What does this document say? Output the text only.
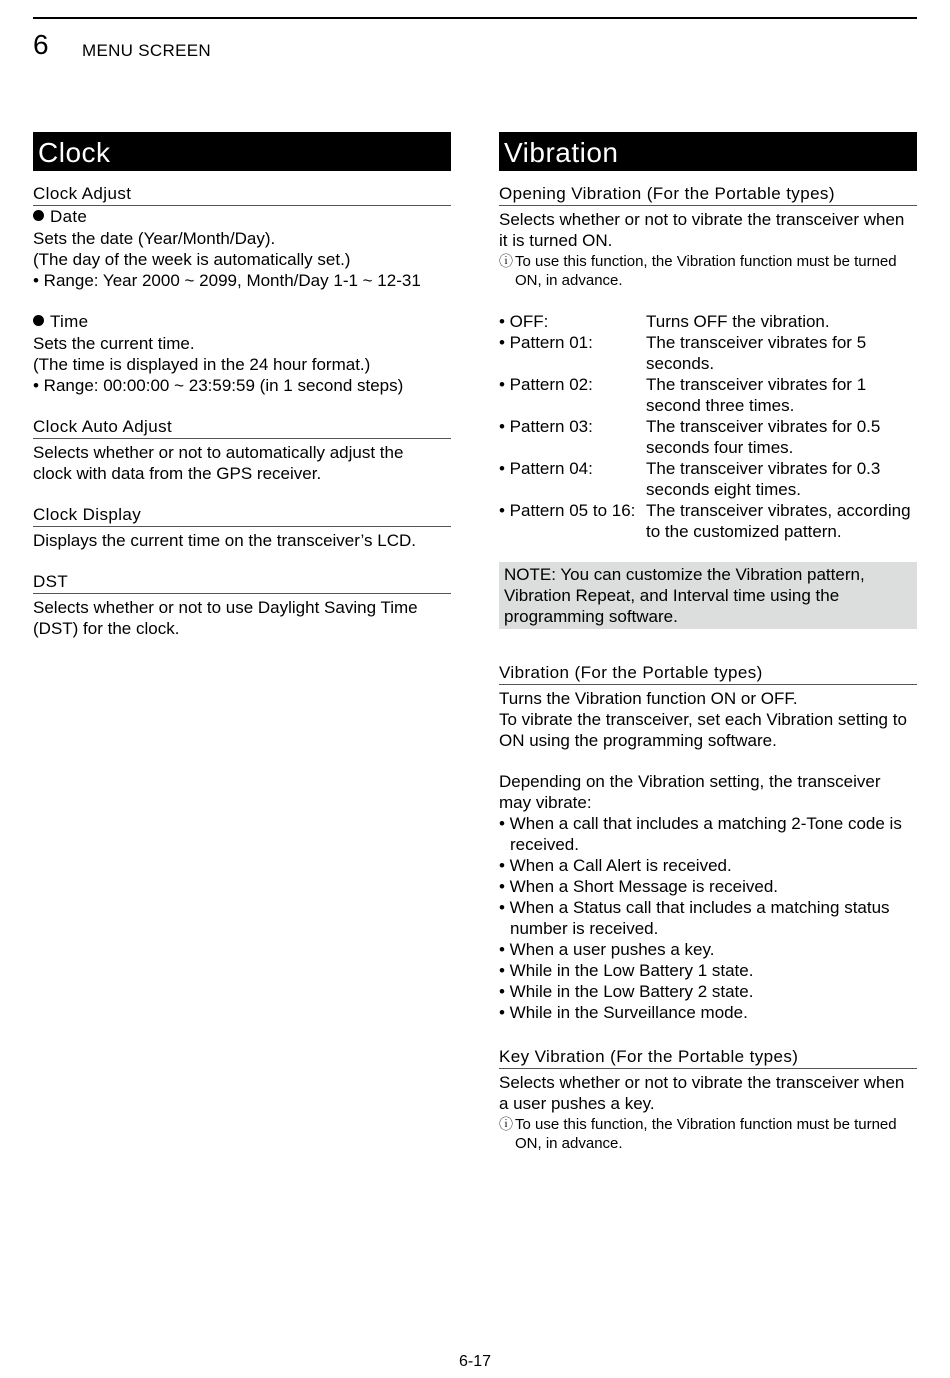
6 MENU SCREEN
Clock
Clock Adjust
Date

Sets the date (Year/Month/Day).

(The day of the week is automatically set.)

• Range: Year 2000 ~ 2099, Month/Day 1-1 ~ 12-31

Time

Sets the current time.

(The time is displayed in the 24 hour format.)

• Range: 00:00:00 ~ 23:59:59 (in 1 second steps)

Clock Auto Adjust

Selects whether or not to automatically adjust the

clock with data from the GPS receiver.

Clock Display

Displays the current time on the transceiver’s LCD.

DST

Selects whether or not to use Daylight Saving Time

(DST) for the clock.

Vibration
Opening Vibration (For the Portable types)

Selects whether or not to vibrate the transceiver when

it is turned ON.

ⓘ To use this function, the Vibration function must be turned
ON, in advance.
• OFF:	Turns OFF the vibration.
• Pattern 01:	The transceiver vibrates for 5
seconds.
• Pattern 02:	The transceiver vibrates for 1
second three times.
• Pattern 03:	The transceiver vibrates for 0.5
seconds four times.
• Pattern 04:	The transceiver vibrates for 0.3
seconds eight times.
• Pattern 05 to 16: The transceiver vibrates, according
to the customized pattern.
NOTE: You can customize the Vibration pattern,
Vibration Repeat, and Interval time using the
programming software.
Vibration (For the Portable types)

Turns the Vibration function ON or OFF.

To vibrate the transceiver, set each Vibration setting to

ON using the programming software.

Depending on the Vibration setting, the transceiver

may vibrate:

• When a call that includes a matching 2-Tone code is
received.
• When a Call Alert is received.
• When a Short Message is received.
• When a Status call that includes a matching status
number is received.
• When a user pushes a key.
• While in the Low Battery 1 state.
• While in the Low Battery 2 state.
• While in the Surveillance mode.
Key Vibration (For the Portable types)

Selects whether or not to vibrate the transceiver when

a user pushes a key.

ⓘ To use this function, the Vibration function must be turned
ON, in advance.
6-17
